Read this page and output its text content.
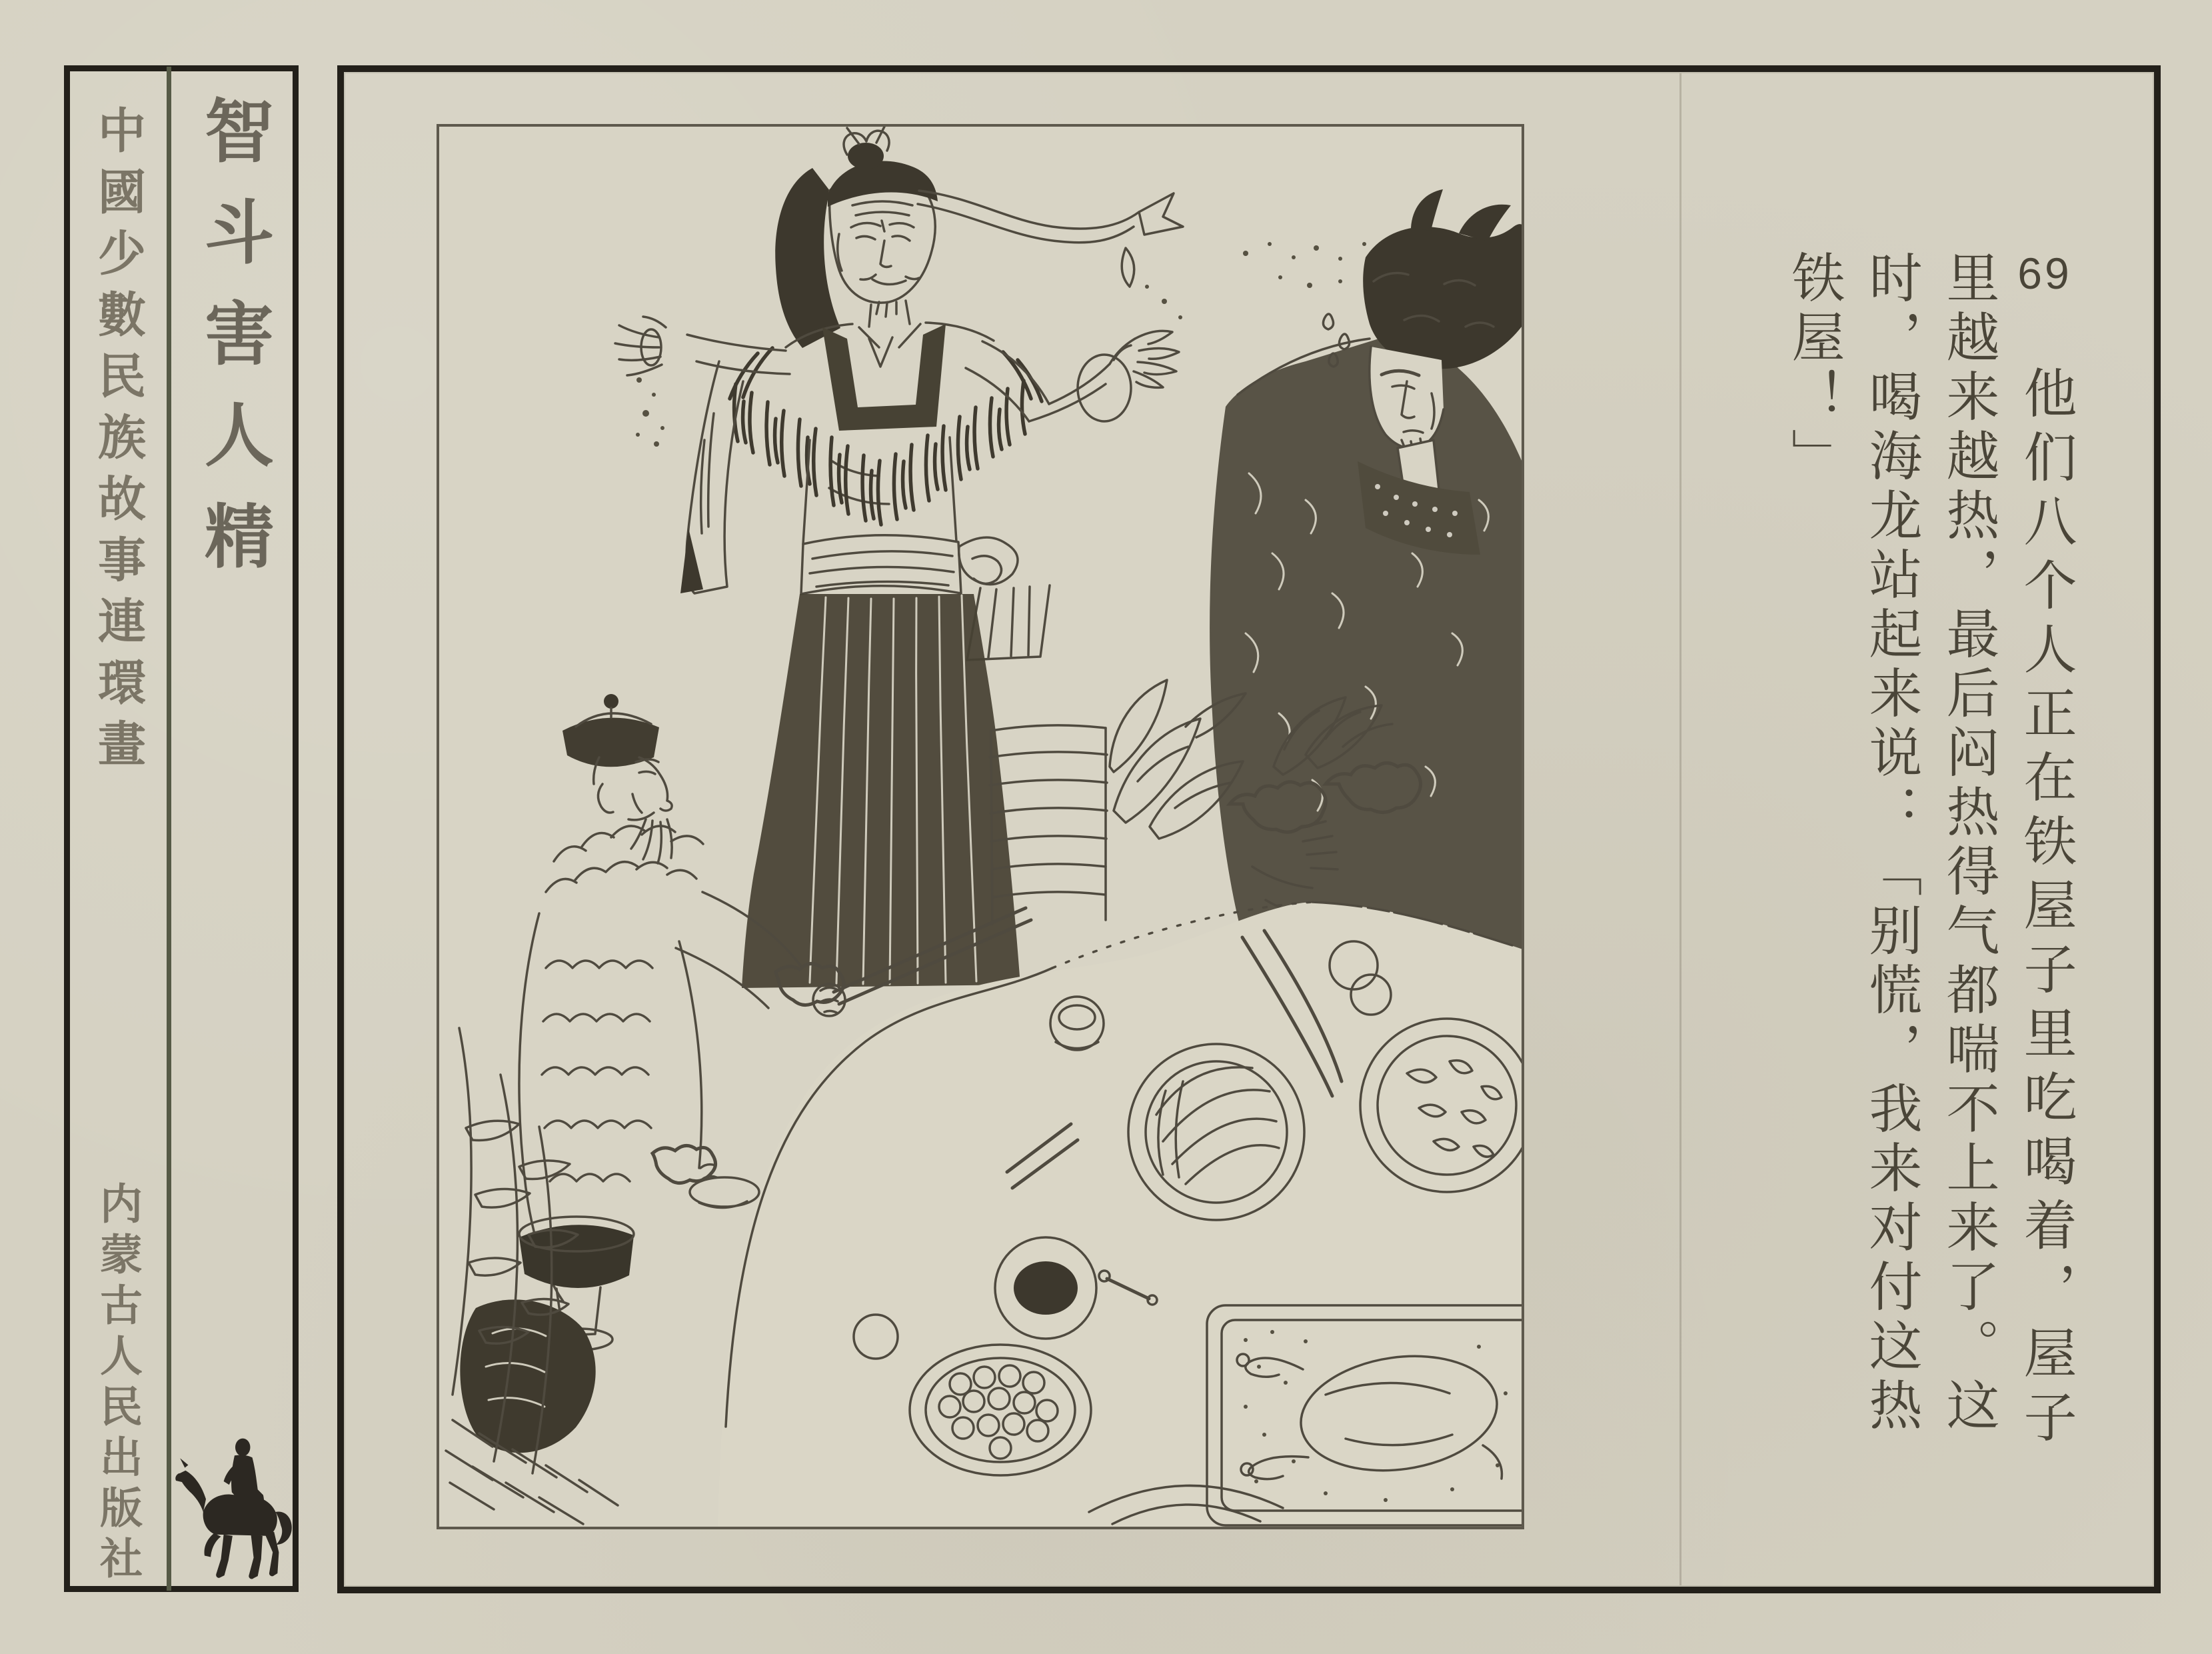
中國少數民族故事連環畫
内蒙古人民出版社
智斗害人精	69
他们八个人正在铁屋子里吃喝着，屋子
里越来越热，最后闷热得气都喘不上来了。这
时，喝海龙站起来说：「别慌，我来对付这热
铁屋！」
